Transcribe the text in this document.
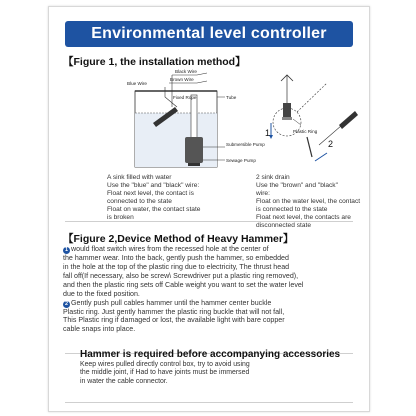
Environmental level controller
【Figure 1, the installation method】
Black Wire
Brown Wire
Blue Wire
Fixed Rope	Tube
Submersible Pump
Sewage Pump
Plastic Ring
1
2
A sink filled with water
Use the "blue" and "black" wire:
Float next level, the contact is
connected to the state
Float on water, the contact state
is broken
2 sink drain
Use the "brown" and "black"
wire:
Float on the water level, the contact
is connected to the state
Float next level, the contacts are
disconnected state
【Figure 2,Device Method of Heavy Hammer】
1 would float switch wires from the recessed hole at the center of
the hammer wear. Into the back, gently push the hammer, so embedded
in the hole at the top of the plastic ring due to electricity, The thrust head
fall off(If necessary, also be screw\ Screwdriver put a plastic ring removed),
and then the plastic ring sets off Cable weight you want to set the water level
due to the fixed position.
2 Gently push pull cables hammer until the hammer center buckle
Plastic ring. Just gently hammer the plastic ring buckle that will not fall,
This Plastic ring if damaged or lost, the available light with bare copper
cable snaps into place.
Hammer is required before accompanying accessories
Keep wires pulled directly control box, try to avoid using
the middle joint, if Had to have joints must be immersed
in water the cable connector.
